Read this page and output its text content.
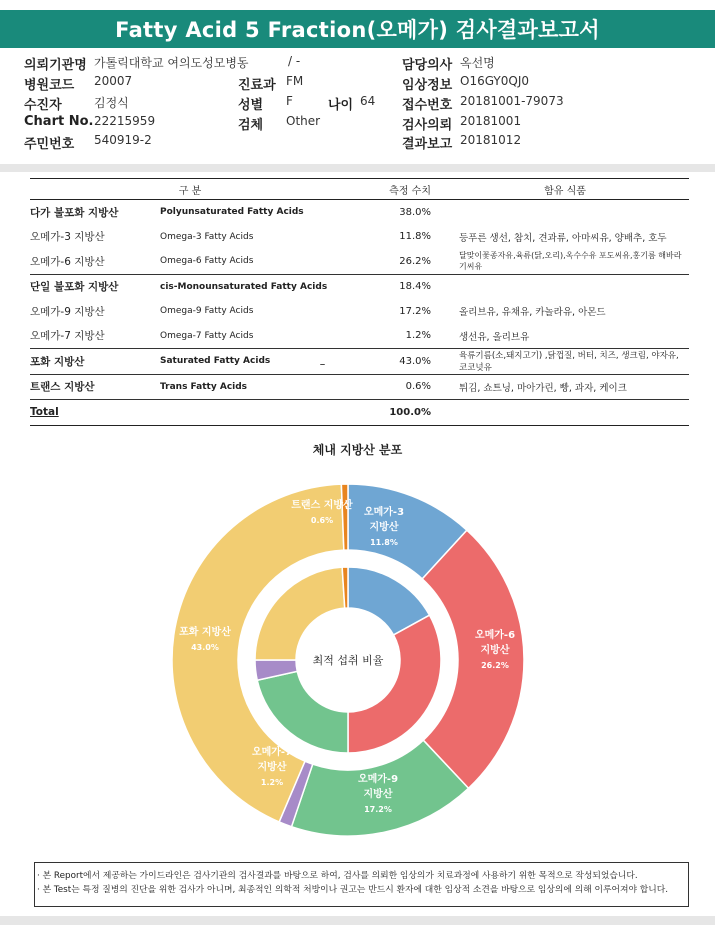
Fatty Acid 5 Fraction(오메가) 검사결과보고서
의뢰기관명 가톨릭대학교 여의도성모병동	/ -	담당의사 옥선명
병원코드 20007	진료과 FM	임상정보 O16GY0QJ0
수진자	김정식	성별 F	나이 64 접수번호 20181001-79073
Chart No. 22215959	검체 Other	검사의뢰 20181001
주민번호 540919-2	결과보고 20181012
구 분		측정 수치	함유 식품
다가 불포화 지방산	Polyunsaturated Fatty Acids	38.0%	
오메가-3 지방산	Omega-3 Fatty Acids	11.8%	등푸른 생선, 참치, 견과류, 아마씨유, 양배추, 호두
오메가-6 지방산	Omega-6 Fatty Acids	26.2%	달맞이꽃종자유,육류(닭,오리),옥수수유 포도씨유,홍기름 해바라기씨유
단일 불포화 지방산	cis-Monounsaturated Fatty Acids	18.4%	
오메가-9 지방산	Omega-9 Fatty Acids	17.2%	올리브유, 유채유, 카놀라유, 아몬드
오메가-7 지방산	Omega-7 Fatty Acids	1.2%	생선유, 올리브유
포화 지방산	Saturated Fatty Acids _	43.0%	육류기름(소,돼지고기) ,닭껍질, 버터, 치즈, 생크림, 야자유, 코코넛유
트랜스 지방산	Trans Fatty Acids	0.6%	튀김, 쇼트닝, 마아가린, 빵, 과자, 케이크
Total		100.0%	
체내 지방산 분포
오메가-3
지방산
11.8%
오메가-6
지방산
26.2%
오메가-9
지방산
17.2%
오메가-7
지방산
1.2%
포화 지방산
43.0%
트랜스 지방산
0.6%
최적 섭취 비율
· 본 Report에서 제공하는 가이드라인은 검사기관의 검사결과를 바탕으로 하여, 검사를 의뢰한 임상의가 치료과정에 사용하기 위한 목적으로 작성되었습니다.
· 본 Test는 특정 질병의 진단을 위한 검사가 아니며, 최종적인 의학적 처방이나 권고는 반드시 환자에 대한 임상적 소견을 바탕으로 임상의에 의해 이루어져야 합니다.
